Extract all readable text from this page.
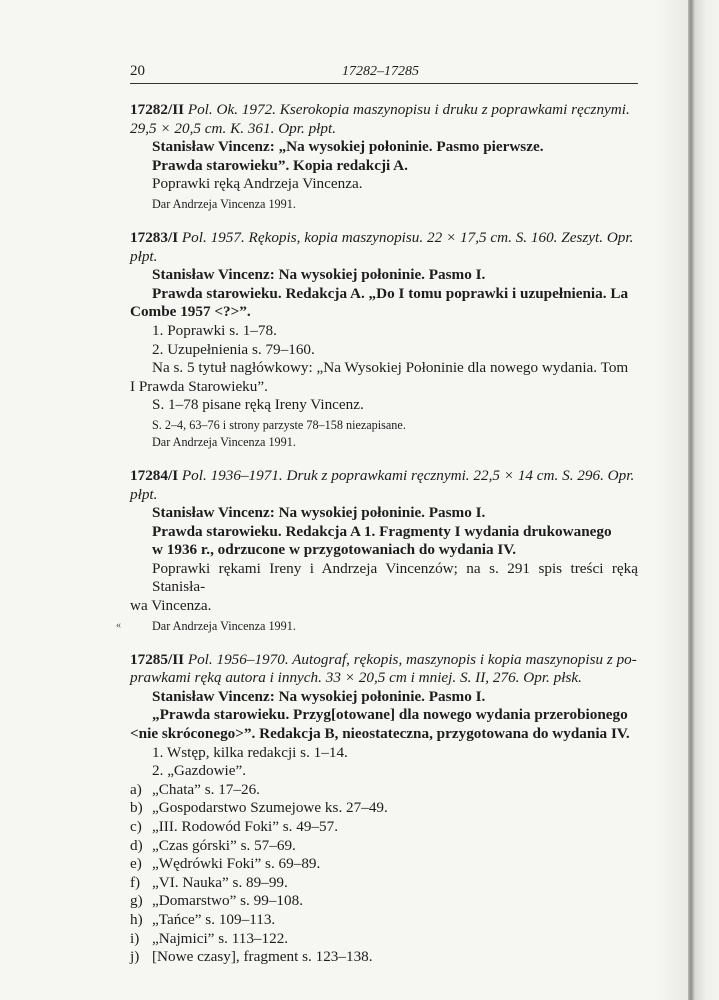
20	17282–17285
«

17282/II Pol. Ok. 1972. Kserokopia maszynopisu i druku z poprawkami ręcznymi.

29,5 × 20,5 cm. K. 361. Opr. płpt.

Stanisław Vincenz: „Na wysokiej połoninie. Pasmo pierwsze.

Prawda starowieku”. Kopia redakcji A.

Poprawki ręką Andrzeja Vincenza.

Dar Andrzeja Vincenza 1991.

17283/I Pol. 1957. Rękopis, kopia maszynopisu. 22 × 17,5 cm. S. 160. Zeszyt. Opr.

płpt.

Stanisław Vincenz: Na wysokiej połoninie. Pasmo I.

Prawda starowieku. Redakcja A. „Do I tomu poprawki i uzupełnienia. La

Combe 1957 <?>”.

1. Poprawki s. 1–78.

2. Uzupełnienia s. 79–160.

Na s. 5 tytuł nagłówkowy: „Na Wysokiej Połoninie dla nowego wydania. Tom

I Prawda Starowieku”.

S. 1–78 pisane ręką Ireny Vincenz.

S. 2–4, 63–76 i strony parzyste 78–158 niezapisane.

Dar Andrzeja Vincenza 1991.

17284/I Pol. 1936–1971. Druk z poprawkami ręcznymi. 22,5 × 14 cm. S. 296. Opr.

płpt.

Stanisław Vincenz: Na wysokiej połoninie. Pasmo I.

Prawda starowieku. Redakcja A 1. Fragmenty I wydania drukowanego

w 1936 r., odrzucone w przygotowaniach do wydania IV.

Poprawki rękami Ireny i Andrzeja Vincenzów; na s. 291 spis treści ręką Stanisła-

wa Vincenza.

Dar Andrzeja Vincenza 1991.

17285/II Pol. 1956–1970. Autograf, rękopis, maszynopis i kopia maszynopisu z po-

prawkami ręką autora i innych. 33 × 20,5 cm i mniej. S. II, 276. Opr. płsk.

Stanisław Vincenz: Na wysokiej połoninie. Pasmo I.

„Prawda starowieku. Przyg[otowane] dla nowego wydania przerobionego

<nie skróconego>”. Redakcja B, nieostateczna, przygotowana do wydania IV.

1. Wstęp, kilka redakcji s. 1–14.

2. „Gazdowie”.

a) „Chata” s. 17–26.
b) „Gospodarstwo Szumejowe ks. 27–49.
c) „III. Rodowód Foki” s. 49–57.
d) „Czas górski” s. 57–69.
e) „Wędrówki Foki” s. 69–89.
f) „VI. Nauka” s. 89–99.
g) „Domarstwo” s. 99–108.
h) „Tańce” s. 109–113.
i) „Najmici” s. 113–122.
j) [Nowe czasy], fragment s. 123–138.
